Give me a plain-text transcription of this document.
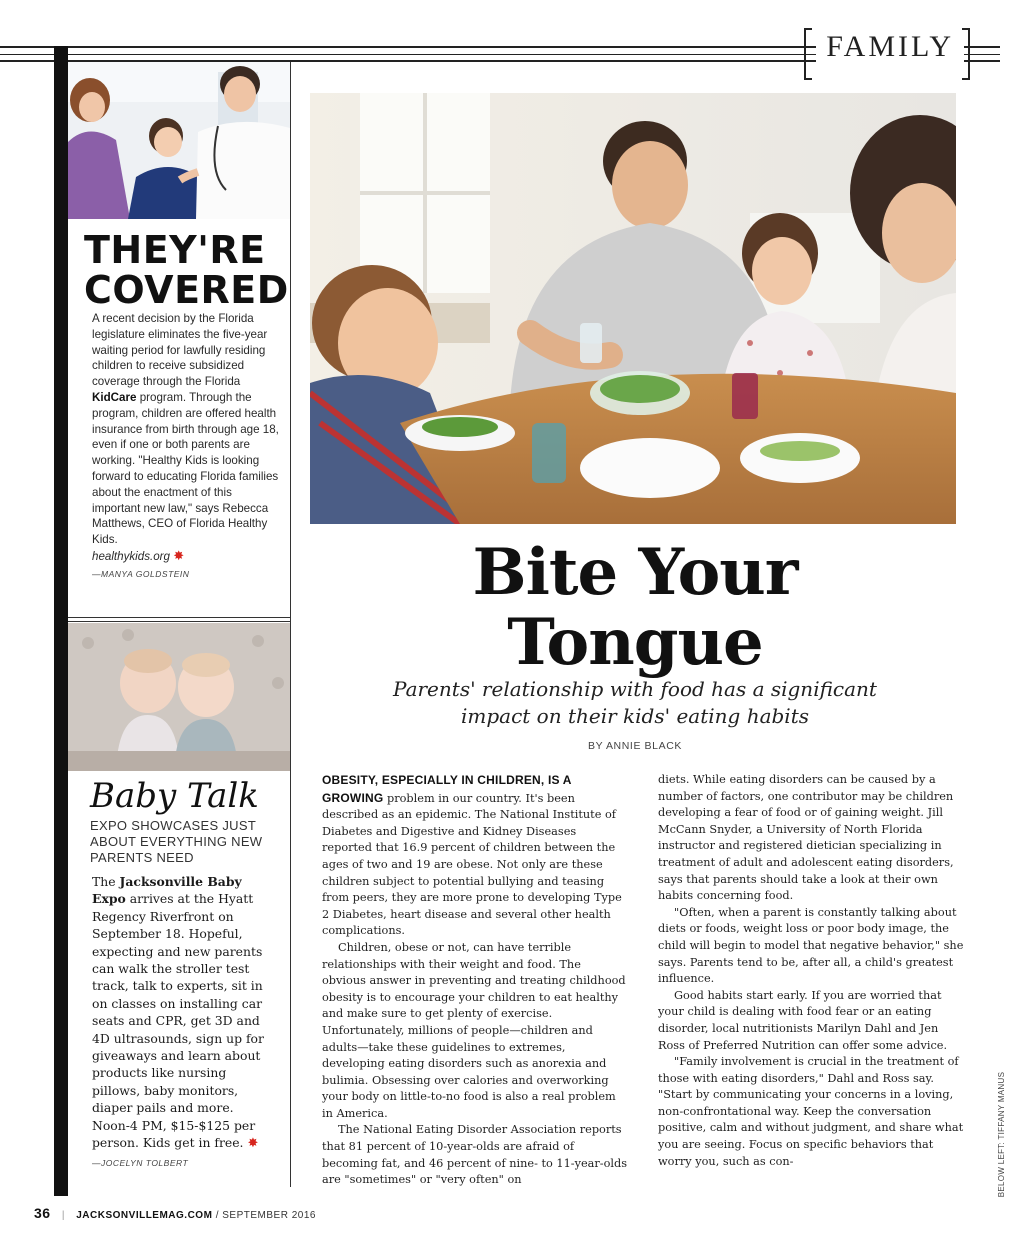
FAMILY
THEY'RE
COVERED
A recent decision by the Florida legislature eliminates the five-year waiting period for lawfully residing children to receive subsidized coverage through the Florida KidCare program. Through the program, children are offered health insurance from birth through age 18, even if one or both parents are working. "Healthy Kids is looking forward to educating Florida families about the enactment of this important new law," says Rebecca Matthews, CEO of Florida Healthy Kids.
healthykids.org ✸
—MANYA GOLDSTEIN
Baby Talk
EXPO SHOWCASES JUST ABOUT EVERYTHING NEW PARENTS NEED
The Jacksonville Baby Expo arrives at the Hyatt Regency Riverfront on September 18. Hopeful, expecting and new parents can walk the stroller test track, talk to experts, sit in on classes on installing car seats and CPR, get 3D and 4D ultrasounds, sign up for giveaways and learn about products like nursing pillows, baby monitors, diaper pails and more. Noon-4 PM, $15-$125 per person. Kids get in free. ✸
—JOCELYN TOLBERT
Bite Your
Tongue
Parents' relationship with food has a significant
impact on their kids' eating habits
BY ANNIE BLACK

OBESITY, ESPECIALLY IN CHILDREN, IS A GROWING problem in our country. It's been described as an epidemic. The National Institute of Diabetes and Digestive and Kidney Diseases reported that 16.9 percent of children between the ages of two and 19 are obese. Not only are these children subject to potential bullying and teasing from peers, they are more prone to developing Type 2 Diabetes, heart disease and several other health complications.

Children, obese or not, can have terrible relationships with their weight and food. The obvious answer in preventing and treating childhood obesity is to encourage your children to eat healthy and make sure to get plenty of exercise. Unfortunately, millions of people—children and adults—take these guidelines to extremes, developing eating disorders such as anorexia and bulimia. Obsessing over calories and overworking your body on little-to-no food is also a real problem in America.

The National Eating Disorder Association reports that 81 percent of 10-year-olds are afraid of becoming fat, and 46 percent of nine- to 11-year-olds are "sometimes" or "very often" on

diets. While eating disorders can be caused by a number of factors, one contributor may be children developing a fear of food or of gaining weight. Jill McCann Snyder, a University of North Florida instructor and registered dietician specializing in treatment of adult and adolescent eating disorders, says that parents should take a look at their own habits concerning food.

"Often, when a parent is constantly talking about diets or foods, weight loss or poor body image, the child will begin to model that negative behavior," she says. Parents tend to be, after all, a child's greatest influence.

Good habits start early. If you are worried that your child is dealing with food fear or an eating disorder, local nutritionists Marilyn Dahl and Jen Ross of Preferred Nutrition can offer some advice.

"Family involvement is crucial in the treatment of those with eating disorders," Dahl and Ross say. "Start by communicating your concerns in a loving, non-confrontational way. Keep the conversation positive, calm and without judgment, and share what you are seeing. Focus on specific behaviors that worry you, such as con-	BELOW LEFT: TIFFANY MANUS
36 | JACKSONVILLEMAG.COM / SEPTEMBER 2016
